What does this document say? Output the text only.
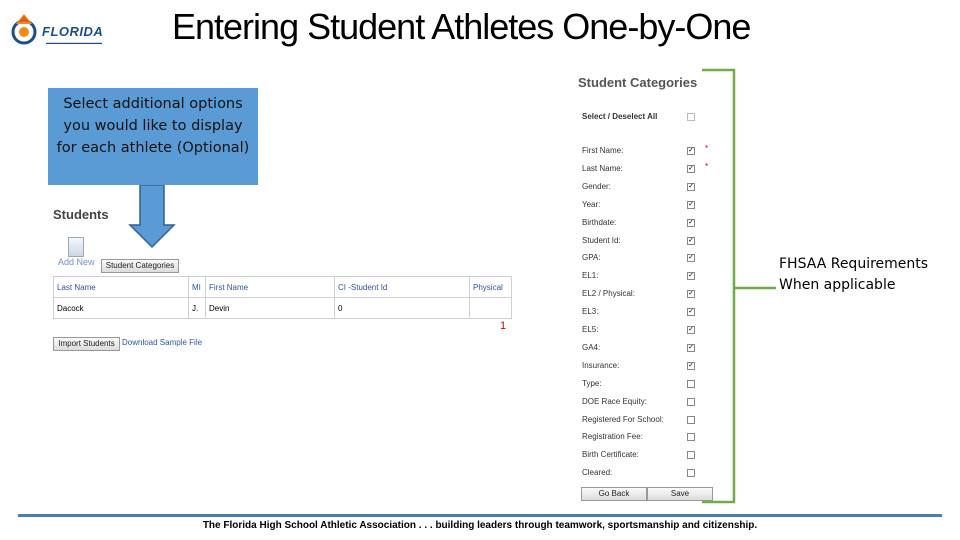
FLORIDA
▬▬▬▬▬▬▬▬▬▬▬▬▬▬ Entering Student Athletes One-by-One
Select additional options you would like to display for each athlete (Optional)
Students
Add New	Student Categories
Last Name	MI	First Name	CI -Student Id	Physical
Dacock	J.	Devin	0	
1
Import Students Download Sample File
Student Categories
Select / Deselect All
First Name:	✓ *
Last Name:	✓ *
Gender:	✓
Year:	✓
Birthdate:	✓
Student Id:	✓
GPA:	✓
EL1:	✓
EL2 / Physical:	✓
EL3:	✓
EL5:	✓
GA4:	✓
Insurance:	✓
Type:
DOE Race Equity:
Registered For School:
Registration Fee:
Birth Certificate:
Cleared:
Go Back	Save
FHSAA Requirements
When applicable
The Florida High School Athletic Association . . . building leaders through teamwork, sportsmanship and citizenship.
